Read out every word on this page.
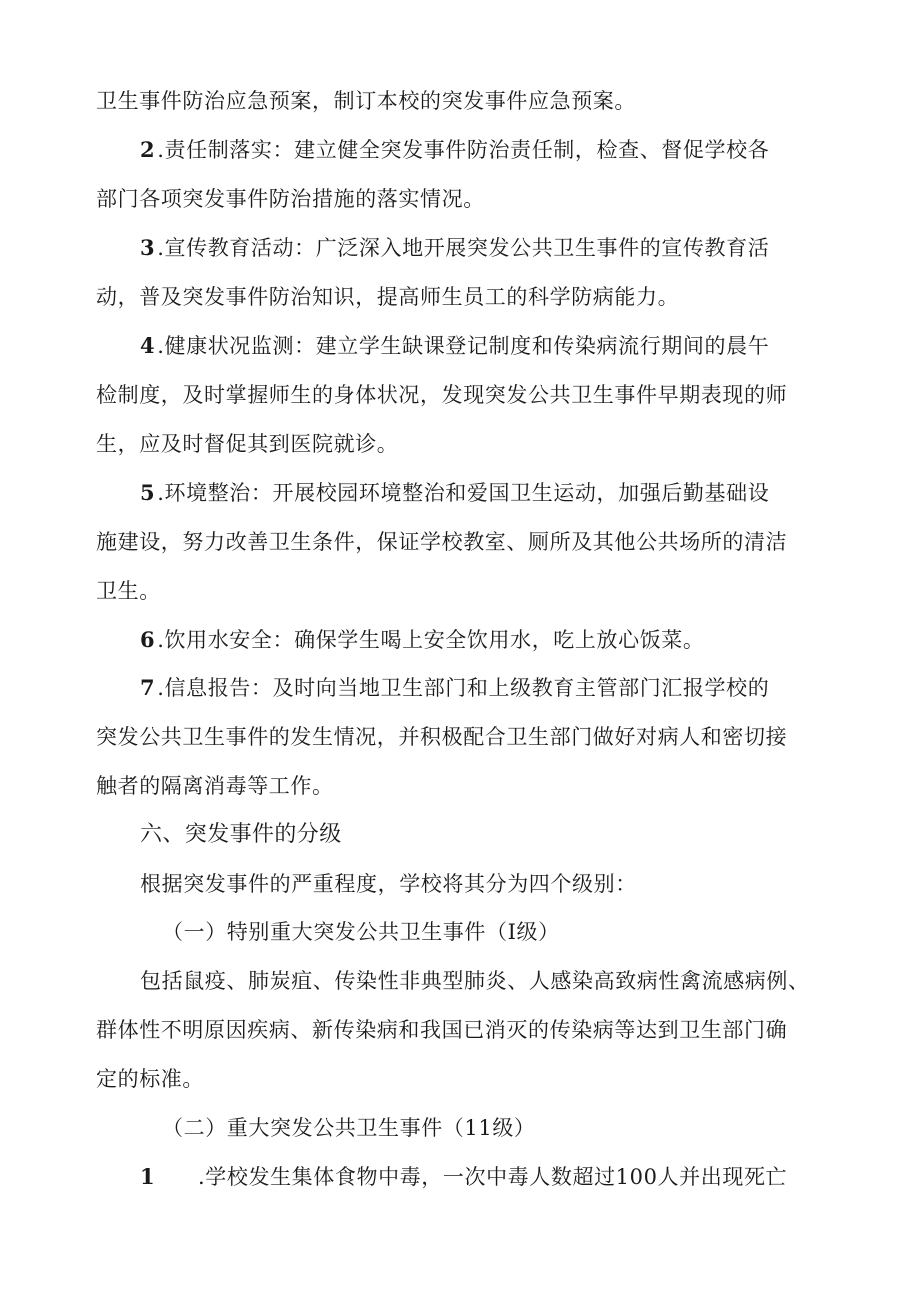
卫生事件防治应急预案，制订本校的突发事件应急预案。
2.责任制落实：建立健全突发事件防治责任制，检查、督促学校各
部门各项突发事件防治措施的落实情况。
3.宣传教育活动：广泛深入地开展突发公共卫生事件的宣传教育活
动，普及突发事件防治知识，提高师生员工的科学防病能力。
4.健康状况监测：建立学生缺课登记制度和传染病流行期间的晨午
检制度，及时掌握师生的身体状况，发现突发公共卫生事件早期表现的师
生，应及时督促其到医院就诊。
5.环境整治：开展校园环境整治和爱国卫生运动，加强后勤基础设
施建设，努力改善卫生条件，保证学校教室、厕所及其他公共场所的清洁
卫生。
6.饮用水安全：确保学生喝上安全饮用水，吃上放心饭菜。
7.信息报告：及时向当地卫生部门和上级教育主管部门汇报学校的
突发公共卫生事件的发生情况，并积极配合卫生部门做好对病人和密切接
触者的隔离消毒等工作。
六、突发事件的分级
根据突发事件的严重程度，学校将其分为四个级别：
（一）特别重大突发公共卫生事件（I级）
包括鼠疫、肺炭疽、传染性非典型肺炎、人感染高致病性禽流感病例、
群体性不明原因疾病、新传染病和我国已消灭的传染病等达到卫生部门确
定的标准。
（二）重大突发公共卫生事件（11级）
1 .学校发生集体食物中毒，一次中毒人数超过100人并出现死亡
